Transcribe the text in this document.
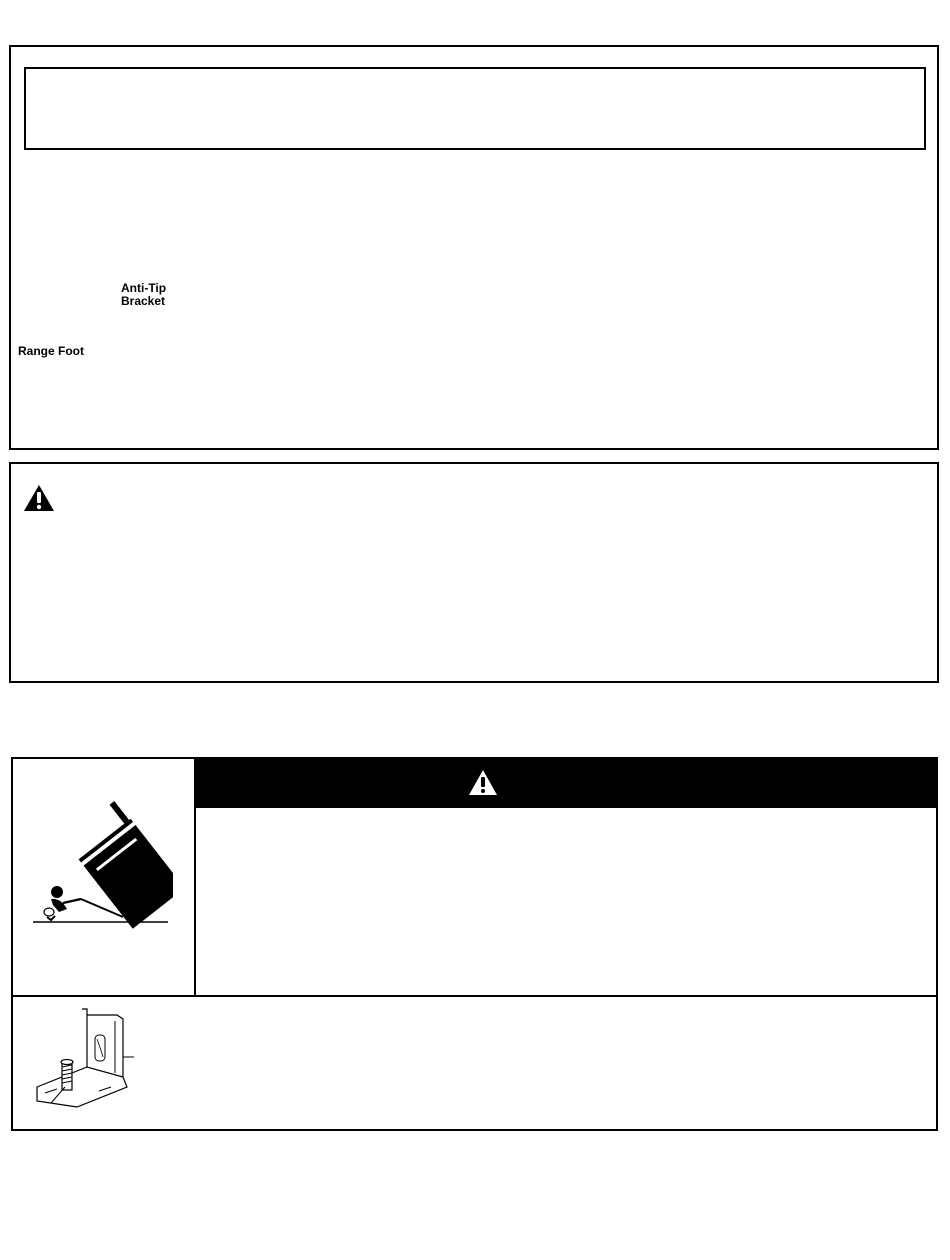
Anti-Tip
Bracket
Range Foot
